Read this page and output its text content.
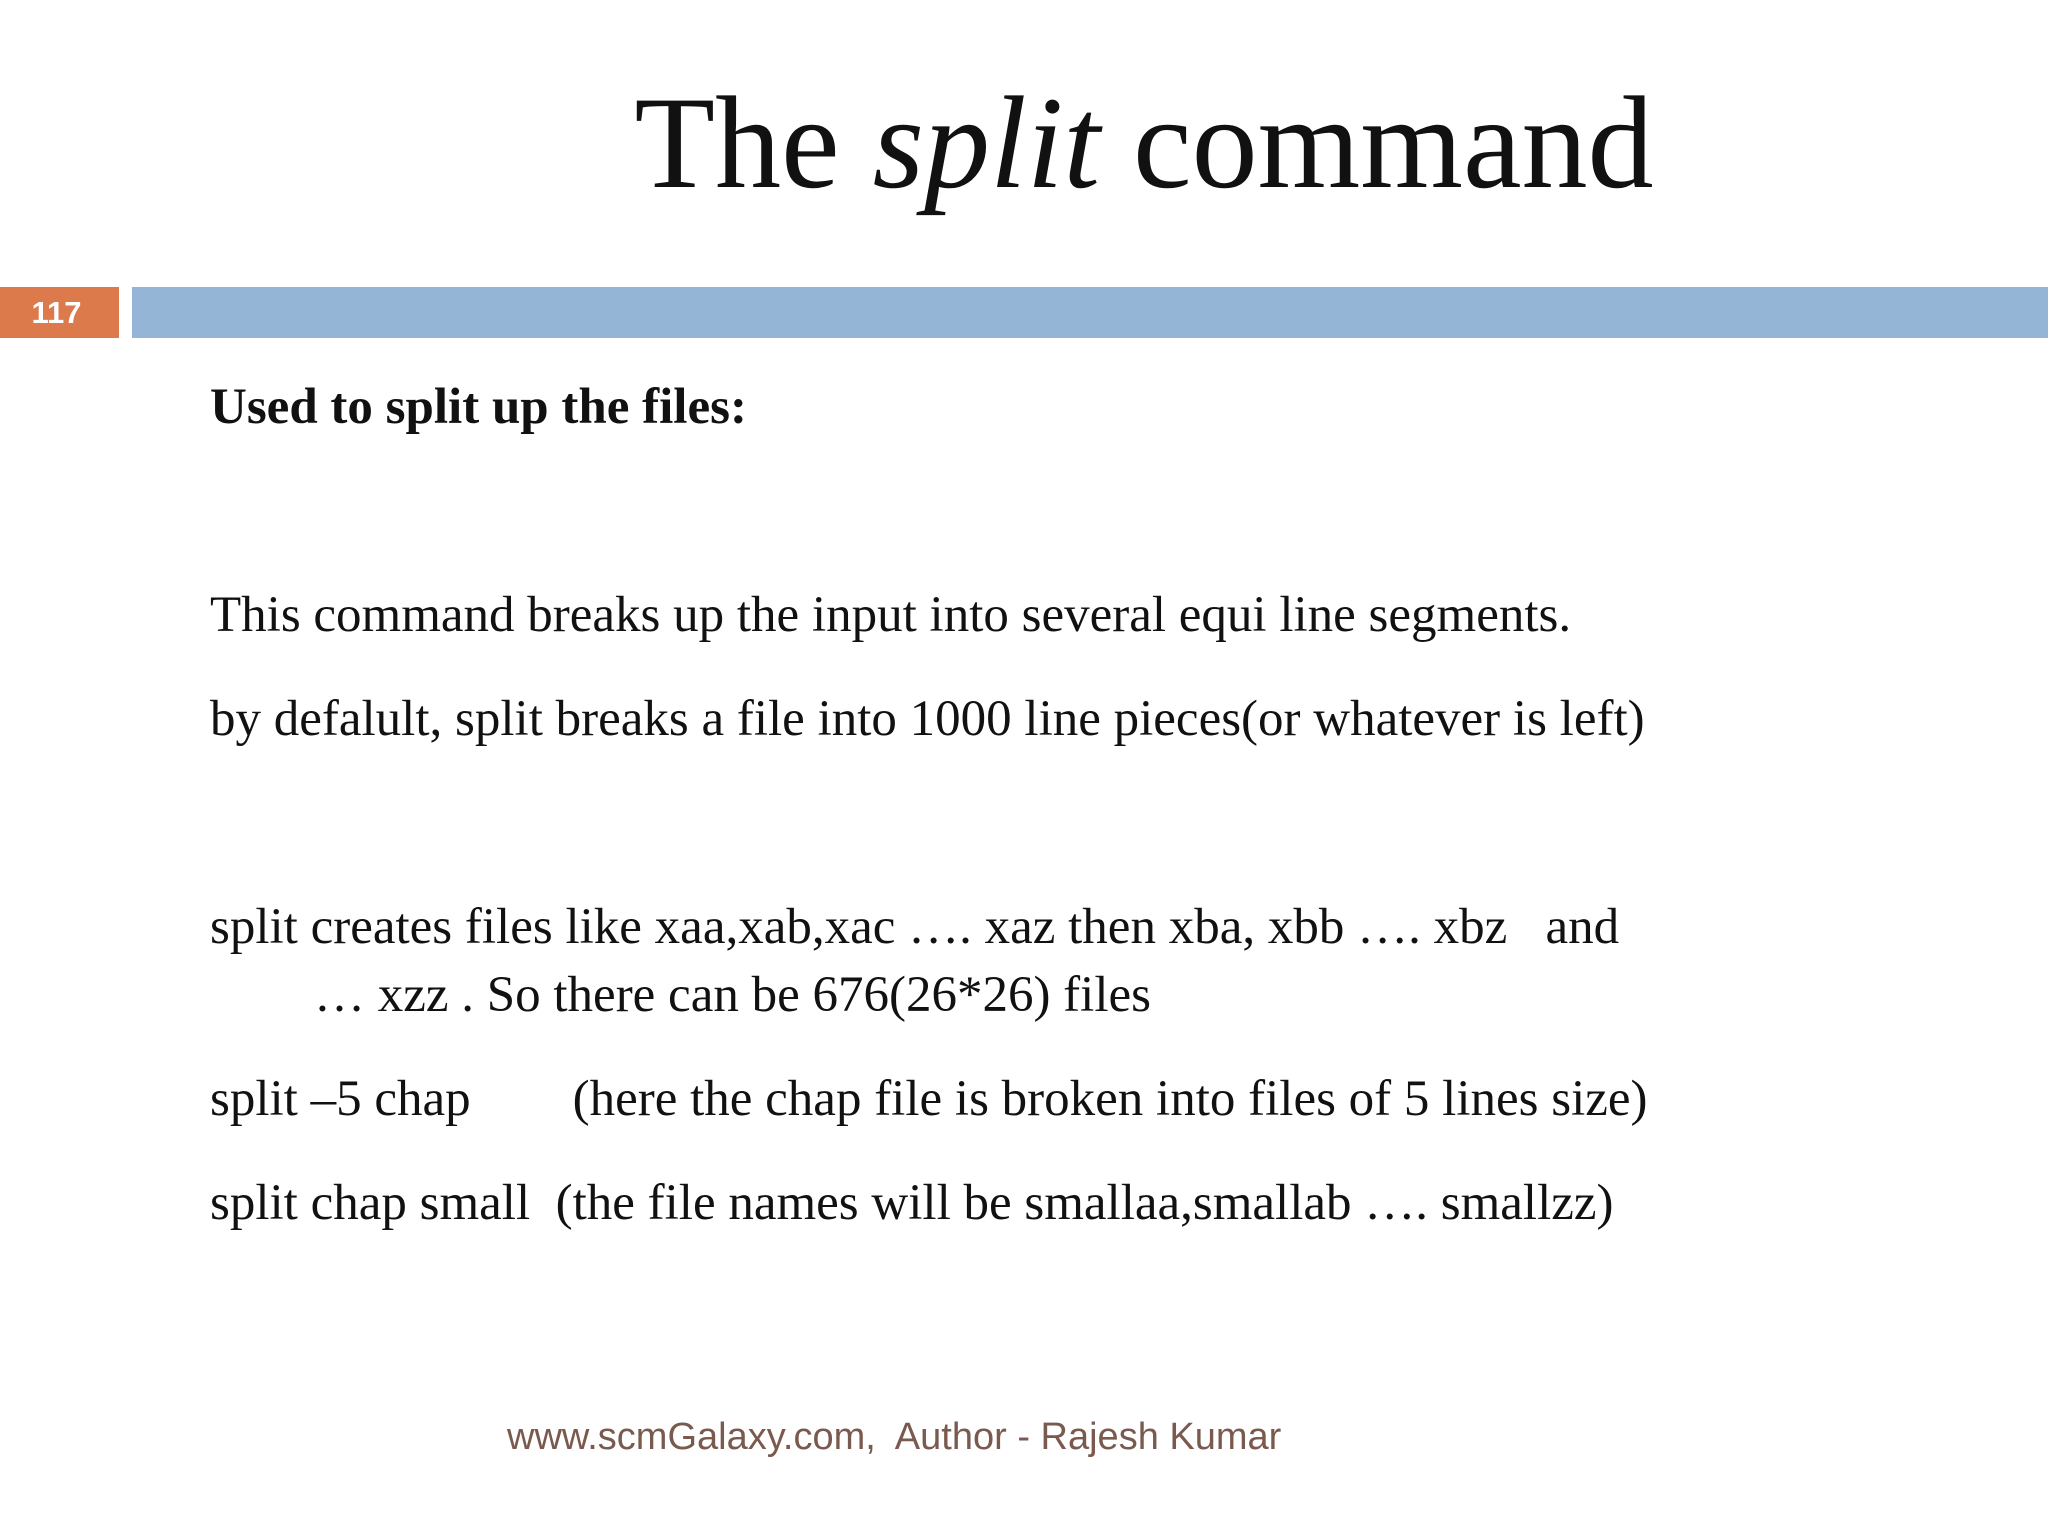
The split command
117
Used to split up the files:
This command breaks up the input into several equi line segments.
by defalult, split breaks a file into 1000 line pieces(or whatever is left)
split creates files like xaa,xab,xac …. xaz then xba, xbb …. xbz   and
… xzz . So there can be 676(26*26) files
split –5 chap        (here the chap file is broken into files of 5 lines size)
split chap small  (the file names will be smallaa,smallab …. smallzz)
www.scmGalaxy.com,  Author - Rajesh Kumar
